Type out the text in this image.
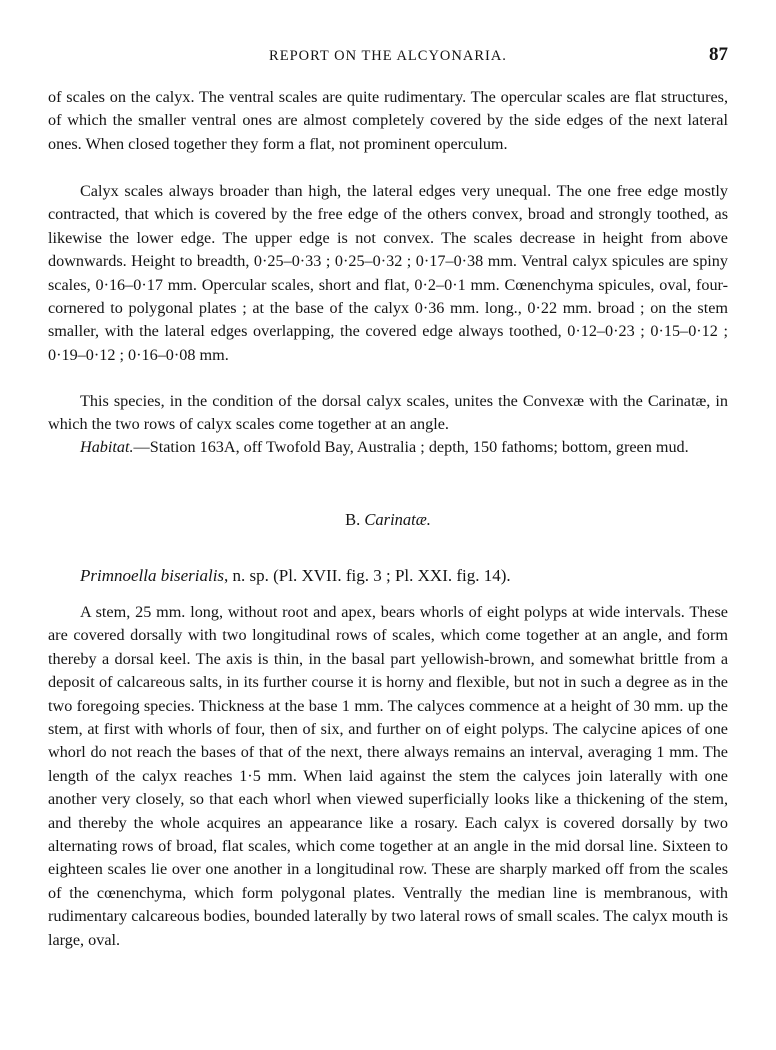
REPORT ON THE ALCYONARIA.	87

of scales on the calyx. The ventral scales are quite rudimentary. The opercular scales are flat structures, of which the smaller ventral ones are almost completely covered by the side edges of the next lateral ones. When closed together they form a flat, not prominent operculum.

Calyx scales always broader than high, the lateral edges very unequal. The one free edge mostly contracted, that which is covered by the free edge of the others convex, broad and strongly toothed, as likewise the lower edge. The upper edge is not convex. The scales decrease in height from above downwards. Height to breadth, 0·25–0·33 ; 0·25–0·32 ; 0·17–0·38 mm. Ventral calyx spicules are spiny scales, 0·16–0·17 mm. Opercular scales, short and flat, 0·2–0·1 mm. Cœnenchyma spicules, oval, four-cornered to polygonal plates ; at the base of the calyx 0·36 mm. long., 0·22 mm. broad ; on the stem smaller, with the lateral edges overlapping, the covered edge always toothed, 0·12–0·23 ; 0·15–0·12 ; 0·19–0·12 ; 0·16–0·08 mm.

This species, in the condition of the dorsal calyx scales, unites the Convexæ with the Carinatæ, in which the two rows of calyx scales come together at an angle.

Habitat.—Station 163A, off Twofold Bay, Australia ; depth, 150 fathoms; bottom, green mud.

B. Carinatæ.

Primnoella biserialis, n. sp. (Pl. XVII. fig. 3 ; Pl. XXI. fig. 14).

A stem, 25 mm. long, without root and apex, bears whorls of eight polyps at wide intervals. These are covered dorsally with two longitudinal rows of scales, which come together at an angle, and form thereby a dorsal keel. The axis is thin, in the basal part yellowish-brown, and somewhat brittle from a deposit of calcareous salts, in its further course it is horny and flexible, but not in such a degree as in the two foregoing species. Thickness at the base 1 mm. The calyces commence at a height of 30 mm. up the stem, at first with whorls of four, then of six, and further on of eight polyps. The calycine apices of one whorl do not reach the bases of that of the next, there always remains an interval, averaging 1 mm. The length of the calyx reaches 1·5 mm. When laid against the stem the calyces join laterally with one another very closely, so that each whorl when viewed superficially looks like a thickening of the stem, and thereby the whole acquires an appearance like a rosary. Each calyx is covered dorsally by two alternating rows of broad, flat scales, which come together at an angle in the mid dorsal line. Sixteen to eighteen scales lie over one another in a longitudinal row. These are sharply marked off from the scales of the cœnenchyma, which form polygonal plates. Ventrally the median line is membranous, with rudimentary calcareous bodies, bounded laterally by two lateral rows of small scales. The calyx mouth is large, oval.
